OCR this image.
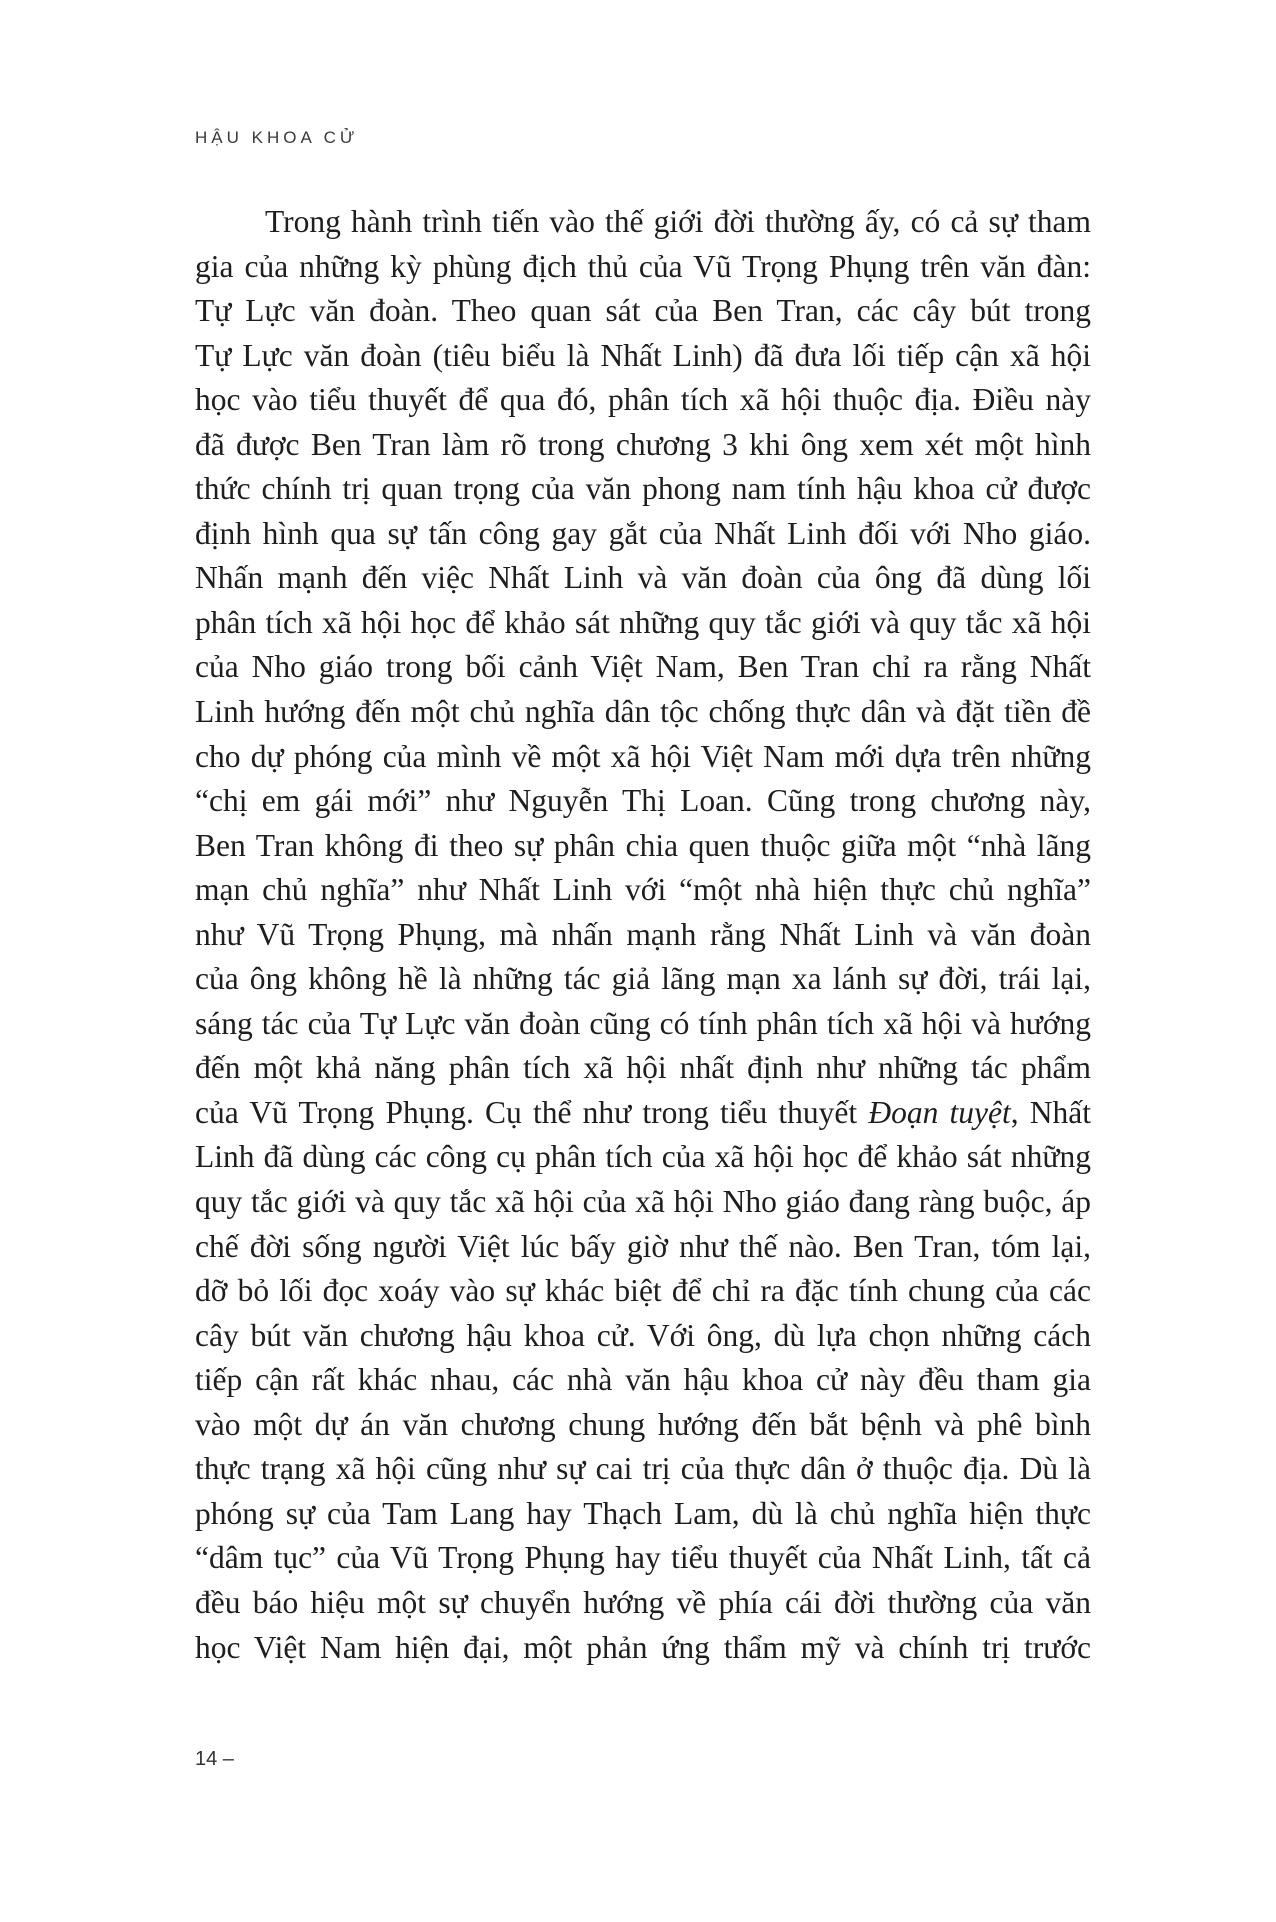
HẬU KHOA CỬ
Trong hành trình tiến vào thế giới đời thường ấy, có cả sự tham
gia của những kỳ phùng địch thủ của Vũ Trọng Phụng trên văn đàn:
Tự Lực văn đoàn. Theo quan sát của Ben Tran, các cây bút trong
Tự Lực văn đoàn (tiêu biểu là Nhất Linh) đã đưa lối tiếp cận xã hội
học vào tiểu thuyết để qua đó, phân tích xã hội thuộc địa. Điều này
đã được Ben Tran làm rõ trong chương 3 khi ông xem xét một hình
thức chính trị quan trọng của văn phong nam tính hậu khoa cử được
định hình qua sự tấn công gay gắt của Nhất Linh đối với Nho giáo.
Nhấn mạnh đến việc Nhất Linh và văn đoàn của ông đã dùng lối
phân tích xã hội học để khảo sát những quy tắc giới và quy tắc xã hội
của Nho giáo trong bối cảnh Việt Nam, Ben Tran chỉ ra rằng Nhất
Linh hướng đến một chủ nghĩa dân tộc chống thực dân và đặt tiền đề
cho dự phóng của mình về một xã hội Việt Nam mới dựa trên những
“chị em gái mới” như Nguyễn Thị Loan. Cũng trong chương này,
Ben Tran không đi theo sự phân chia quen thuộc giữa một “nhà lãng
mạn chủ nghĩa” như Nhất Linh với “một nhà hiện thực chủ nghĩa”
như Vũ Trọng Phụng, mà nhấn mạnh rằng Nhất Linh và văn đoàn
của ông không hề là những tác giả lãng mạn xa lánh sự đời, trái lại,
sáng tác của Tự Lực văn đoàn cũng có tính phân tích xã hội và hướng
đến một khả năng phân tích xã hội nhất định như những tác phẩm
của Vũ Trọng Phụng. Cụ thể như trong tiểu thuyết Đoạn tuyệt, Nhất
Linh đã dùng các công cụ phân tích của xã hội học để khảo sát những
quy tắc giới và quy tắc xã hội của xã hội Nho giáo đang ràng buộc, áp
chế đời sống người Việt lúc bấy giờ như thế nào. Ben Tran, tóm lại,
dỡ bỏ lối đọc xoáy vào sự khác biệt để chỉ ra đặc tính chung của các
cây bút văn chương hậu khoa cử. Với ông, dù lựa chọn những cách
tiếp cận rất khác nhau, các nhà văn hậu khoa cử này đều tham gia
vào một dự án văn chương chung hướng đến bắt bệnh và phê bình
thực trạng xã hội cũng như sự cai trị của thực dân ở thuộc địa. Dù là
phóng sự của Tam Lang hay Thạch Lam, dù là chủ nghĩa hiện thực
“dâm tục” của Vũ Trọng Phụng hay tiểu thuyết của Nhất Linh, tất cả
đều báo hiệu một sự chuyển hướng về phía cái đời thường của văn
học Việt Nam hiện đại, một phản ứng thẩm mỹ và chính trị trước
14 –
